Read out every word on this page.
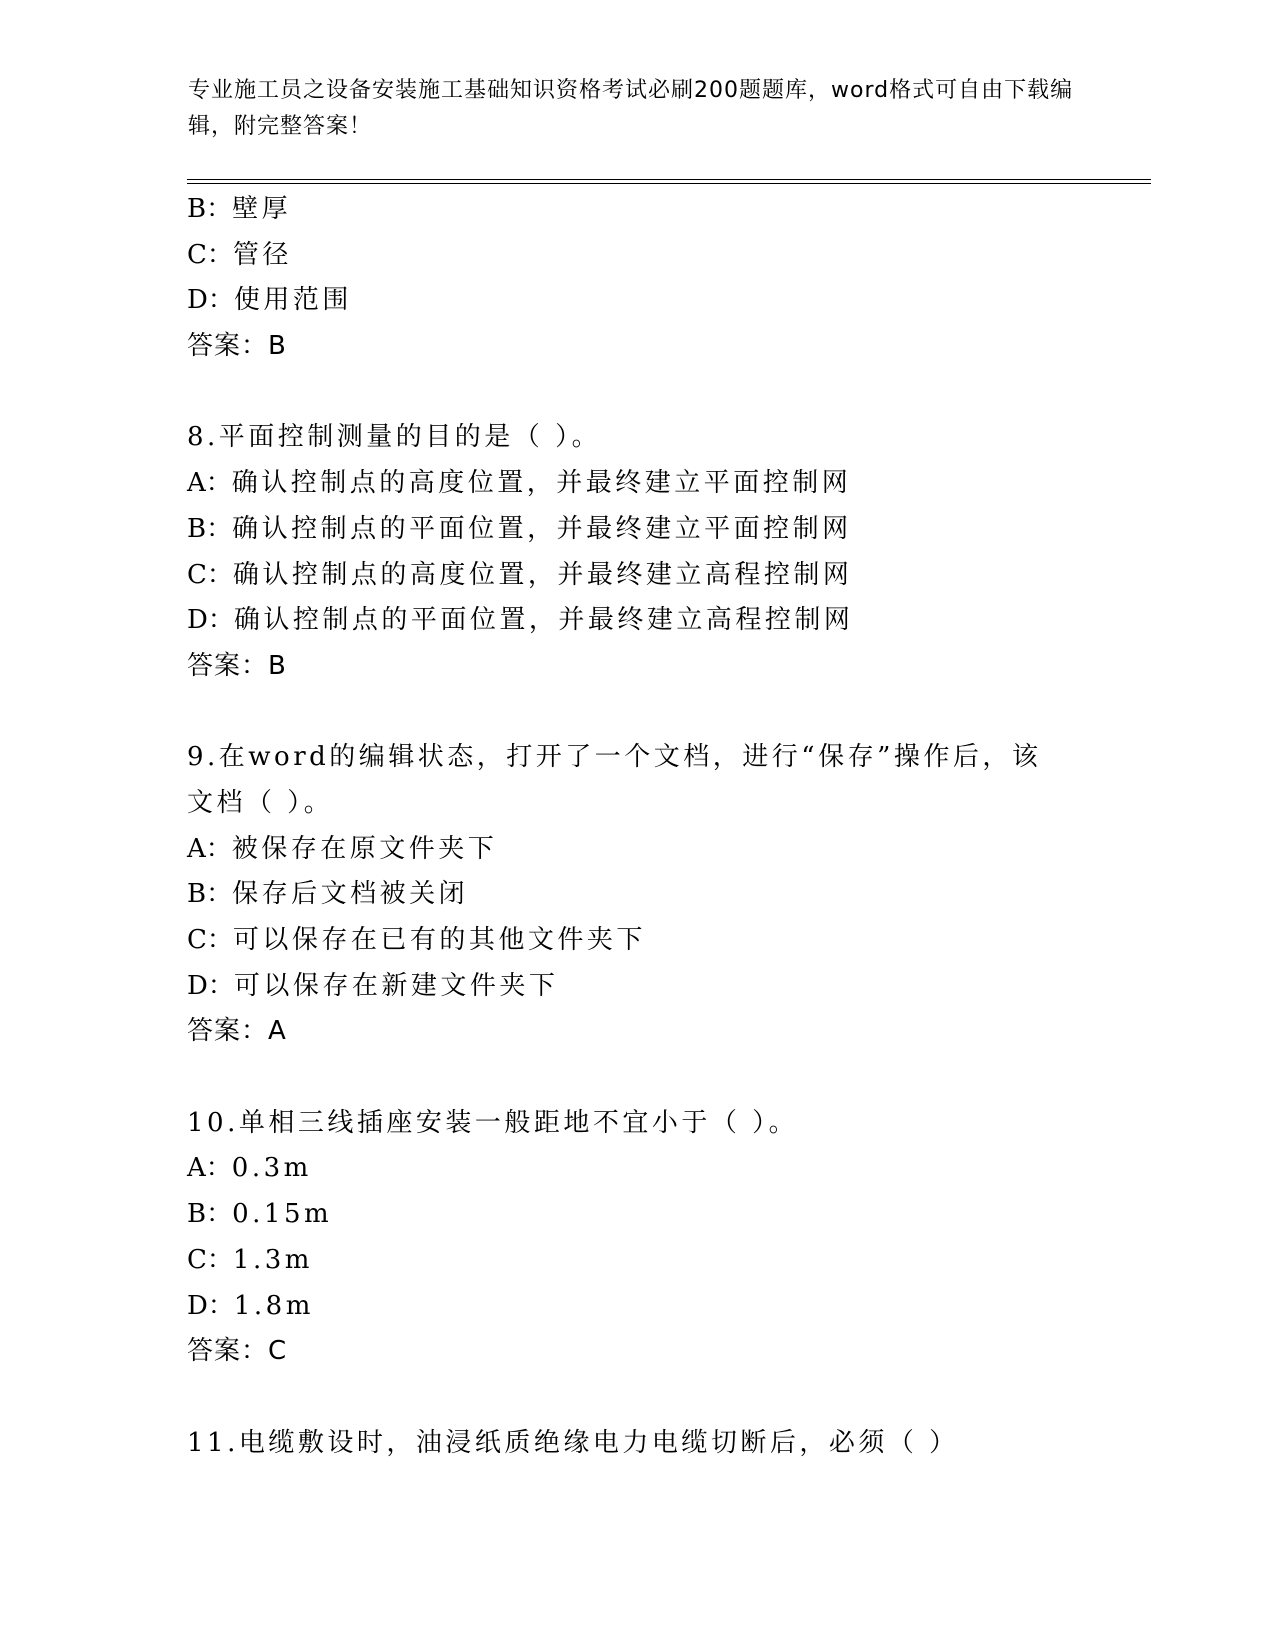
专业施工员之设备安装施工基础知识资格考试必刷200题题库，word格式可自由下载编辑，附完整答案！
B：壁厚
C：管径
D：使用范围
答案：B
8.平面控制测量的目的是（ ）。
A：确认控制点的高度位置，并最终建立平面控制网
B：确认控制点的平面位置，并最终建立平面控制网
C：确认控制点的高度位置，并最终建立高程控制网
D：确认控制点的平面位置，并最终建立高程控制网
答案：B
9.在word的编辑状态，打开了一个文档，进行“保存”操作后，该文档（ ）。
A：被保存在原文件夹下
B：保存后文档被关闭
C：可以保存在已有的其他文件夹下
D：可以保存在新建文件夹下
答案：A
10.单相三线插座安装一般距地不宜小于（ ）。
A：0.3m
B：0.15m
C：1.3m
D：1.8m
答案：C
11.电缆敷设时，油浸纸质绝缘电力电缆切断后，必须（ ）
